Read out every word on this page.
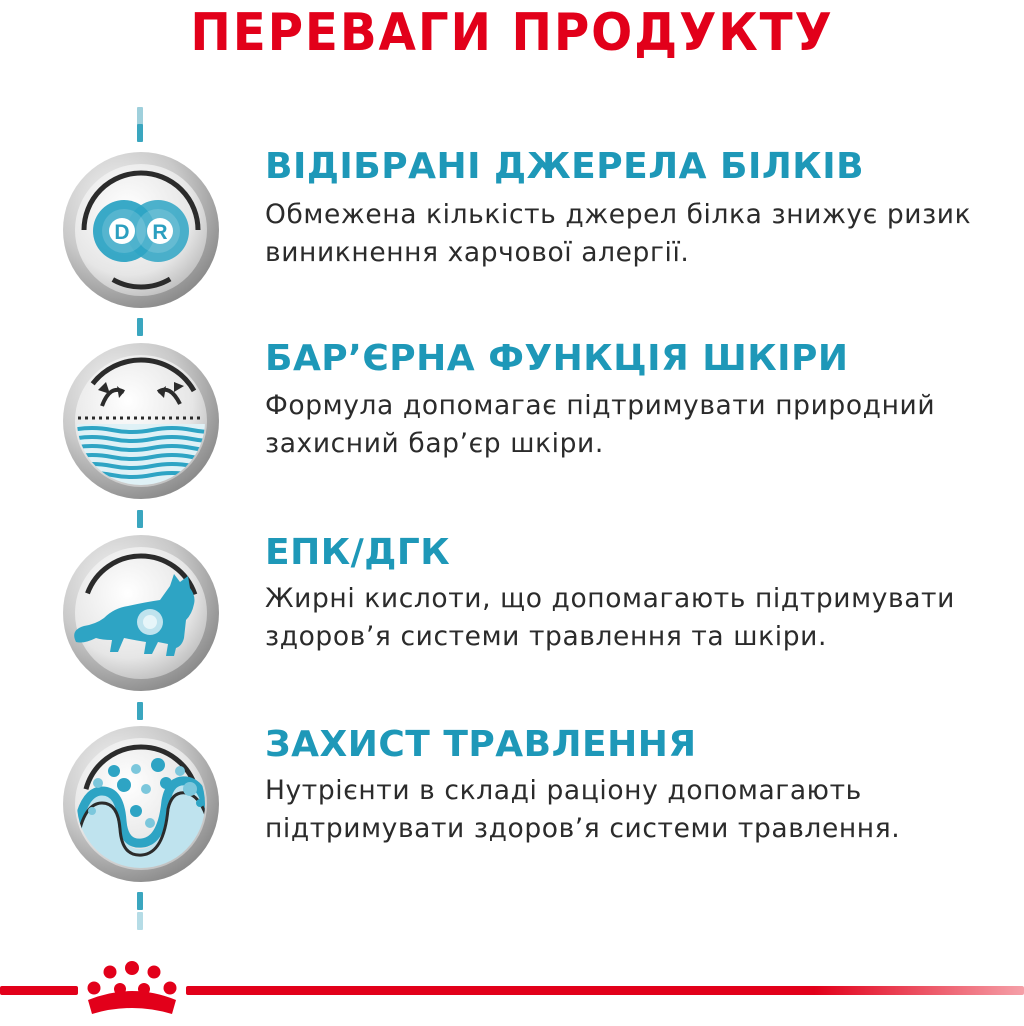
ПЕРЕВАГИ ПРОДУКТУ
D R
ВІДІБРАНІ ДЖЕРЕЛА БІЛКІВ
Обмежена кількість джерел білка знижує ризик
виникнення харчової алергії.
БАР’ЄРНА ФУНКЦІЯ ШКІРИ
Формула допомагає підтримувати природний
захисний бар’єр шкіри.
ЕПК/ДГК
Жирні кислоти, що допомагають підтримувати
здоров’я системи травлення та шкіри.
ЗАХИСТ ТРАВЛЕННЯ
Нутрієнти в складі раціону допомагають
підтримувати здоров’я системи травлення.
